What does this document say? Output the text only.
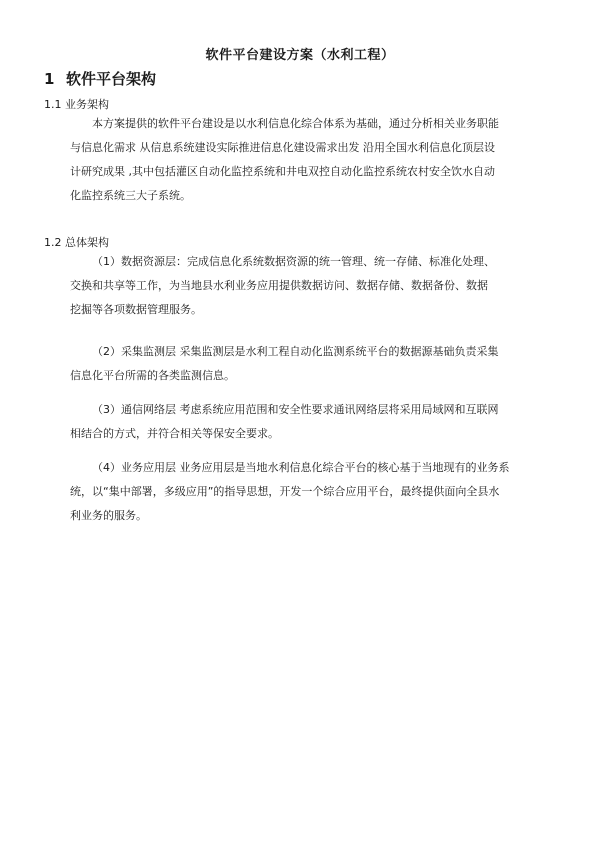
软件平台建设方案（水利工程）
1 软件平台架构
1.1 业务架构
本方案提供的软件平台建设是以水利信息化综合体系为基础，通过分析相关业务职能
与信息化需求 从信息系统建设实际推进信息化建设需求出发 沿用全国水利信息化顶层设
计研究成果 ,其中包括灌区自动化监控系统和井电双控自动化监控系统农村安全饮水自动
化监控系统三大子系统。
1.2 总体架构
（1）数据资源层：完成信息化系统数据资源的统一管理、统一存储、标准化处理、
交换和共享等工作，为当地县水利业务应用提供数据访问、数据存储、数据备份、数据
挖掘等各项数据管理服务。
（2）采集监测层 采集监测层是水利工程自动化监测系统平台的数据源基础负责采集
信息化平台所需的各类监测信息。
（3）通信网络层 考虑系统应用范围和安全性要求通讯网络层将采用局域网和互联网
相结合的方式，并符合相关等保安全要求。
（4）业务应用层 业务应用层是当地水利信息化综合平台的核心基于当地现有的业务系
统，以“集中部署，多级应用”的指导思想，开发一个综合应用平台，最终提供面向全县水
利业务的服务。
